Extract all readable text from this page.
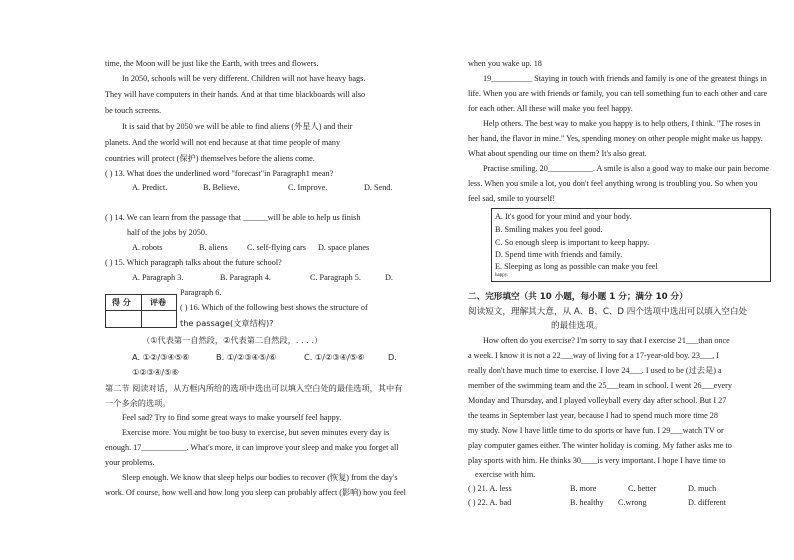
time, the Moon will be just like the Earth, with trees and flowers.
In 2050, schools will be very different. Children will not have heavy bags.
They will have computers in their hands. And at that time blackboards will also
be touch screens.
It is said that by 2050 we will be able to find aliens (外星人) and their
planets. And the world will not end because at that time people of many
countries will protect (保护) themselves before the aliens come.
( ) 13. What does the underlined word "forecast"in Paragraph1 mean?
A. Predict.	B. Believe.	C. Improve.	D. Send.
( ) 14. We can learn from the passage that ______will be able to help us finish
half of the jobs by 2050.
A. robots	B. aliens C. self-flying cars D. space planes
( ) 15. Which paragraph talks about the future school?
A. Paragraph 3.	B. Paragraph 4.	C. Paragraph 5.	D.
Paragraph 6.
得 分 评卷
( ) 16. Which of the following best shows the structure of
the passage(文章结构)?
（①代表第一自然段，②代表第二自然段，. . . .）
A. ①②/③④⑤⑥	B. ①/②③④⑤/⑥	C. ①/②③④/⑤⑥	D.
①②③④/⑤⑥
第二节 阅读对话，从方框内所给的选项中选出可以填入空白处的最佳选项，其中有
一个多余的选项。
Feel sad? Try to find some great ways to make yourself feel happy.
Exercise more. You might be too busy to exercise, but seven minutes every day is
enough. 17___________. What's more, it can improve your sleep and make you forget all
your problems.
Sleep enough. We know that sleep helps our bodies to recover (恢复) from the day's
work. Of course, how well and how long you sleep can probably affect (影响) how you feel
when you wake up. 18
19__________ Staying in touch with friends and family is one of the greatest things in
life. When you are with friends or family, you can tell something fun to each other and care
for each other. All these will make you feel happy.
Help others. The best way to make you happy is to help others, I think. "The roses in
her hand, the flavor in mine." Yes, spending money on other people might make us happy.
What about spending our time on them? It's also great.
Practise smiling. 20___________. A smile is also a good way to make our pain become
less. When you smile a lot, you don't feel anything wrong is troubling you. So when you
feel sad, smile to yourself!
A. It's good for your mind and your body.
B. Smiling makes you feel good.
C. So enough sleep is important to keep happy.
D. Spend time with friends and family.
E. Sleeping as long as possible can make you feel
happy.
二、完形填空（共 10 小题，每小题 1 分；满分 10 分）
阅读短文，理解其大意，从 A、B、C、D 四个选项中选出可以填入空白处
的最佳选项。
How often do you exercise? I'm sorry to say that I exercise 21___than once
a week. I know it is not a 22___way of living for a 17-year-old boy. 23___, I
really don't have much time to exercise. I love 24___. I used to be (过去是) a
member of the swimming team and the 25___team in school. I went 26___every
Monday and Thursday, and I played volleyball every day after school. But I 27
the teams in September last year, because I had to spend much more time 28
my study. Now I have little time to do sports or have fun. I 29___watch TV or
play computer games either. The winter holiday is coming. My father asks me to
play sports with him. He thinks 30____is very important. I hope I have time to
exercise with him.
( ) 21. A. less	B. more	C. better	D. much
( ) 22. A. bad	B. healthy C.wrong	D. different
